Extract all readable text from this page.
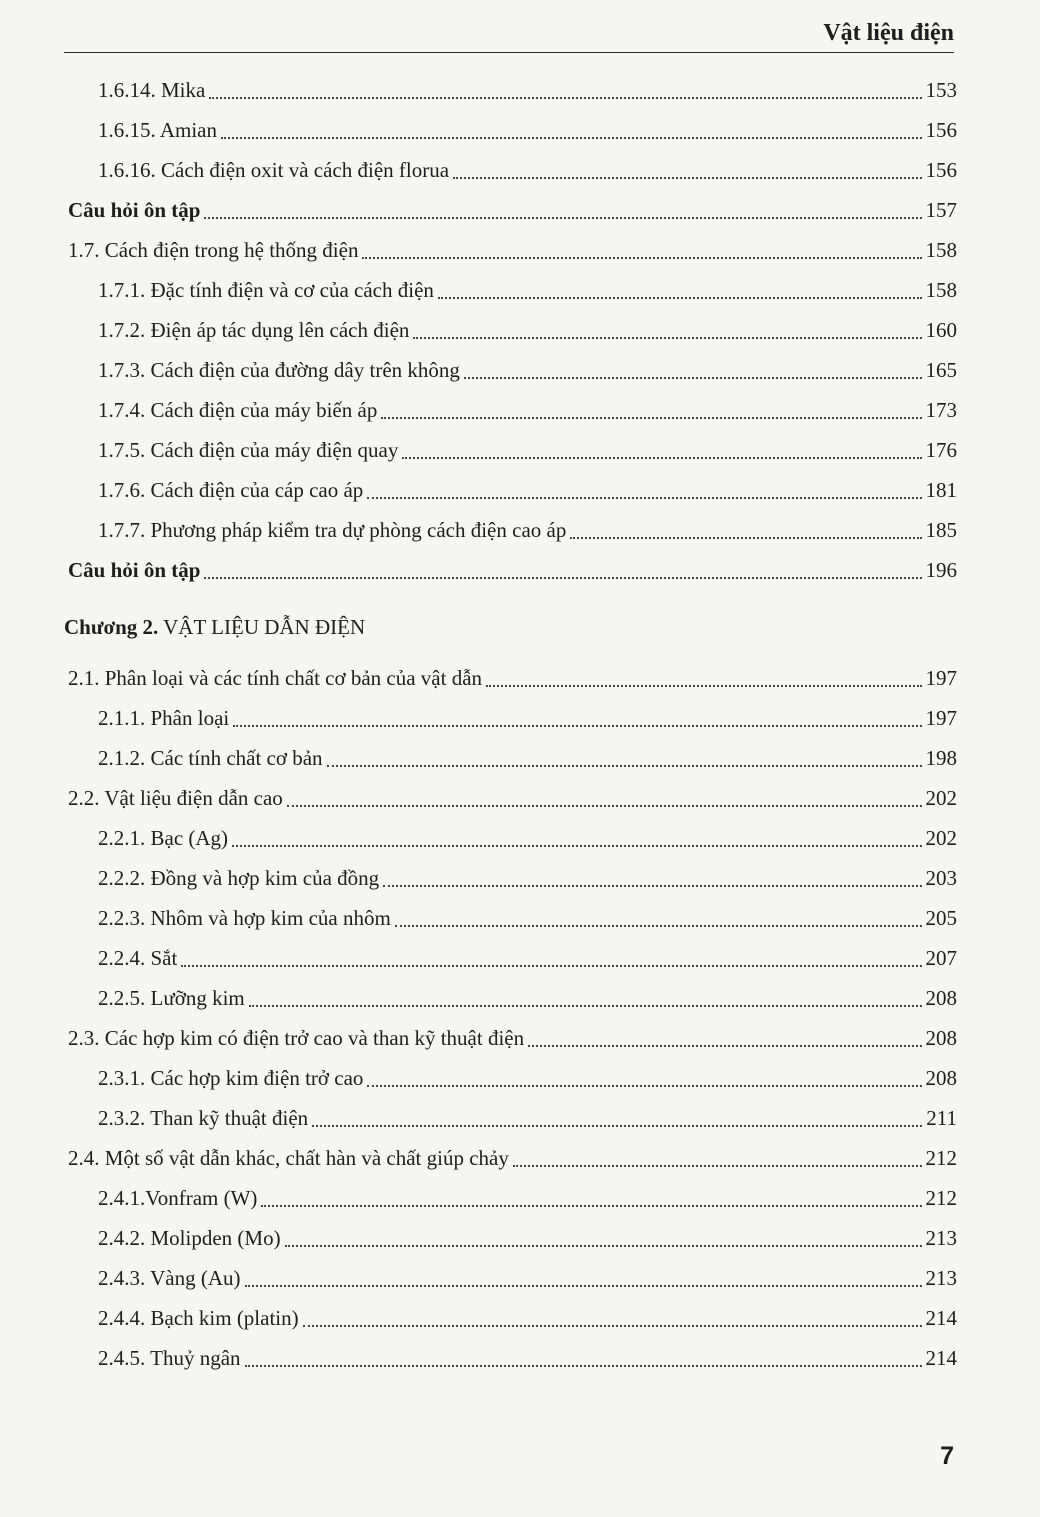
Vật liệu điện
1.6.14. Mika	153
1.6.15. Amian	156
1.6.16. Cách điện oxit và cách điện florua	156
Câu hỏi ôn tập	157
1.7. Cách điện trong hệ thống điện	158
1.7.1. Đặc tính điện và cơ của cách điện	158
1.7.2. Điện áp tác dụng lên cách điện	160
1.7.3. Cách điện của đường dây trên không	165
1.7.4. Cách điện của máy biến áp	173
1.7.5. Cách điện của máy điện quay	176
1.7.6. Cách điện của cáp cao áp	181
1.7.7. Phương pháp kiểm tra dự phòng cách điện cao áp	185
Câu hỏi ôn tập	196
Chương 2. VẬT LIỆU DẪN ĐIỆN
2.1. Phân loại và các tính chất cơ bản của vật dẫn	197
2.1.1. Phân loại	197
2.1.2. Các tính chất cơ bản	198
2.2. Vật liệu điện dẫn cao	202
2.2.1. Bạc (Ag)	202
2.2.2. Đồng và hợp kim của đồng	203
2.2.3. Nhôm và hợp kim của nhôm	205
2.2.4. Sắt	207
2.2.5. Lưỡng kim	208
2.3. Các hợp kim có điện trở cao và than kỹ thuật điện	208
2.3.1. Các hợp kim điện trở cao	208
2.3.2. Than kỹ thuật điện	211
2.4. Một số vật dẫn khác, chất hàn và chất giúp chảy	212
2.4.1.Vonfram (W)	212
2.4.2. Molipden (Mo)	213
2.4.3. Vàng (Au)	213
2.4.4. Bạch kim (platin)	214
2.4.5. Thuỷ ngân	214
7
